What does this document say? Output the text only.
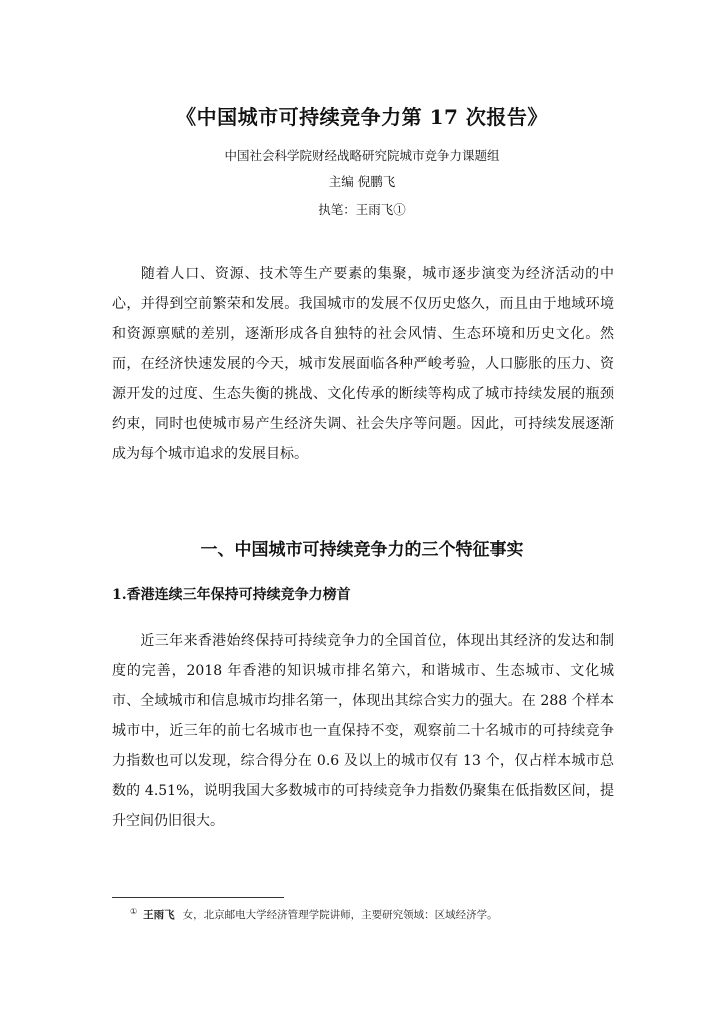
《中国城市可持续竞争力第 17 次报告》
中国社会科学院财经战略研究院城市竞争力课题组
主编 倪鹏飞
执笔：王雨飞①
随着人口、资源、技术等生产要素的集聚，城市逐步演变为经济活动的中心，并得到空前繁荣和发展。我国城市的发展不仅历史悠久，而且由于地域环境和资源禀赋的差别，逐渐形成各自独特的社会风情、生态环境和历史文化。然而，在经济快速发展的今天，城市发展面临各种严峻考验，人口膨胀的压力、资源开发的过度、生态失衡的挑战、文化传承的断续等构成了城市持续发展的瓶颈约束，同时也使城市易产生经济失调、社会失序等问题。因此，可持续发展逐渐成为每个城市追求的发展目标。
一、中国城市可持续竞争力的三个特征事实
1.香港连续三年保持可持续竞争力榜首
近三年来香港始终保持可持续竞争力的全国首位，体现出其经济的发达和制度的完善，2018 年香港的知识城市排名第六，和谐城市、生态城市、文化城市、全域城市和信息城市均排名第一，体现出其综合实力的强大。在 288 个样本城市中，近三年的前七名城市也一直保持不变，观察前二十名城市的可持续竞争力指数也可以发现，综合得分在 0.6 及以上的城市仅有 13 个，仅占样本城市总数的 4.51%，说明我国大多数城市的可持续竞争力指数仍聚集在低指数区间，提升空间仍旧很大。
① 王雨飞 女，北京邮电大学经济管理学院讲师，主要研究领域：区域经济学。
